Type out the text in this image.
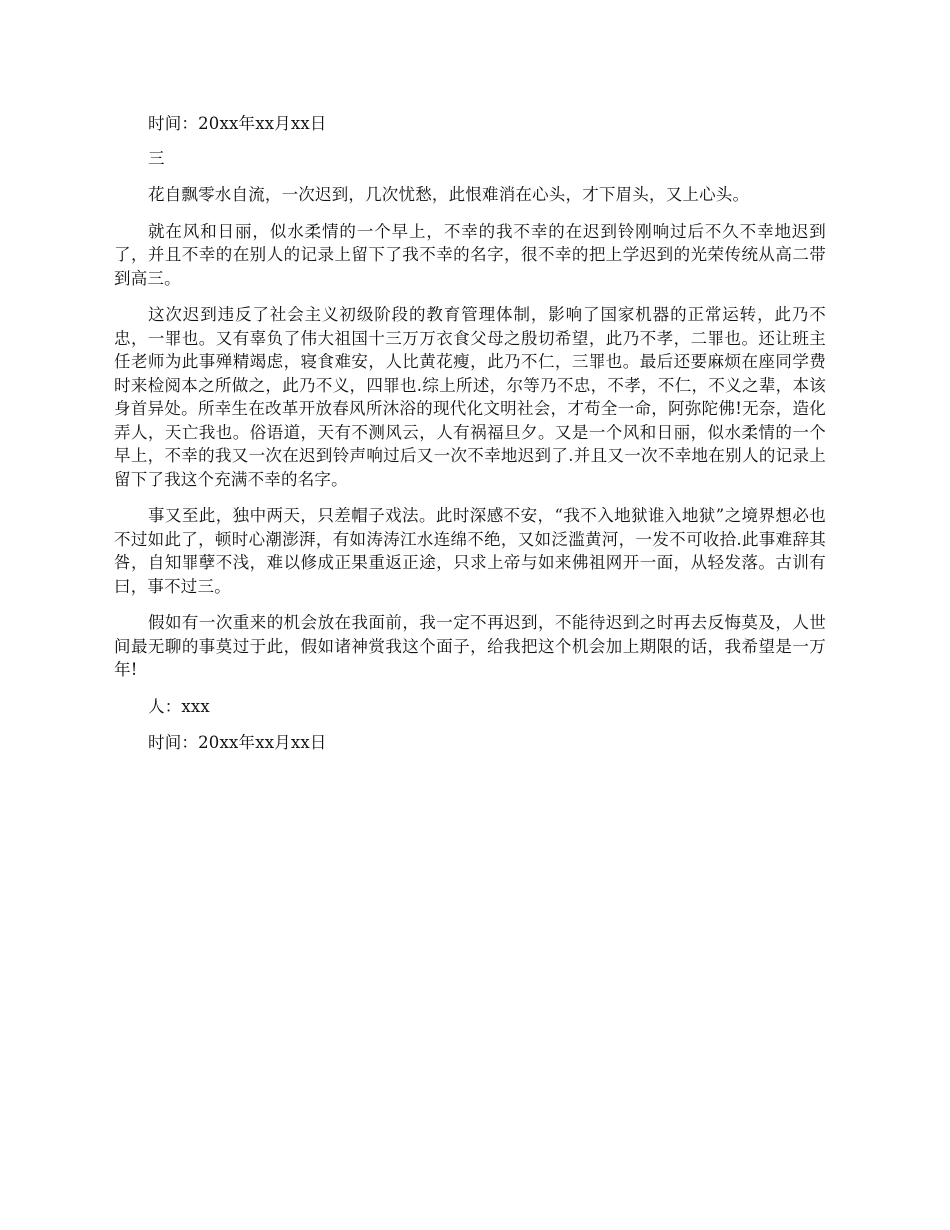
时间：20xx年xx月xx日

三

花自飘零水自流，一次迟到，几次忧愁，此恨难消在心头，才下眉头，又上心头。

就在风和日丽，似水柔情的一个早上，不幸的我不幸的在迟到铃刚响过后不久不幸地迟到了，并且不幸的在别人的记录上留下了我不幸的名字，很不幸的把上学迟到的光荣传统从高二带到高三。

这次迟到违反了社会主义初级阶段的教育管理体制，影响了国家机器的正常运转，此乃不忠，一罪也。又有辜负了伟大祖国十三万万衣食父母之殷切希望，此乃不孝，二罪也。还让班主任老师为此事殚精竭虑，寝食难安，人比黄花瘦，此乃不仁，三罪也。最后还要麻烦在座同学费时来检阅本之所做之，此乃不义，四罪也.综上所述，尔等乃不忠，不孝，不仁，不义之辈，本该身首异处。所幸生在改革开放春风所沐浴的现代化文明社会，才苟全一命，阿弥陀佛!无奈，造化弄人，天亡我也。俗语道，天有不测风云，人有祸福旦夕。又是一个风和日丽，似水柔情的一个早上，不幸的我又一次在迟到铃声响过后又一次不幸地迟到了.并且又一次不幸地在别人的记录上留下了我这个充满不幸的名字。

事又至此，独中两天，只差帽子戏法。此时深感不安，“我不入地狱谁入地狱”之境界想必也不过如此了，顿时心潮澎湃，有如涛涛江水连绵不绝，又如泛滥黄河，一发不可收拾.此事难辞其咎，自知罪孽不浅，难以修成正果重返正途，只求上帝与如来佛祖网开一面，从轻发落。古训有曰，事不过三。

假如有一次重来的机会放在我面前，我一定不再迟到，不能待迟到之时再去反悔莫及，人世间最无聊的事莫过于此，假如诸神赏我这个面子，给我把这个机会加上期限的话，我希望是一万年!

人：xxx

时间：20xx年xx月xx日
